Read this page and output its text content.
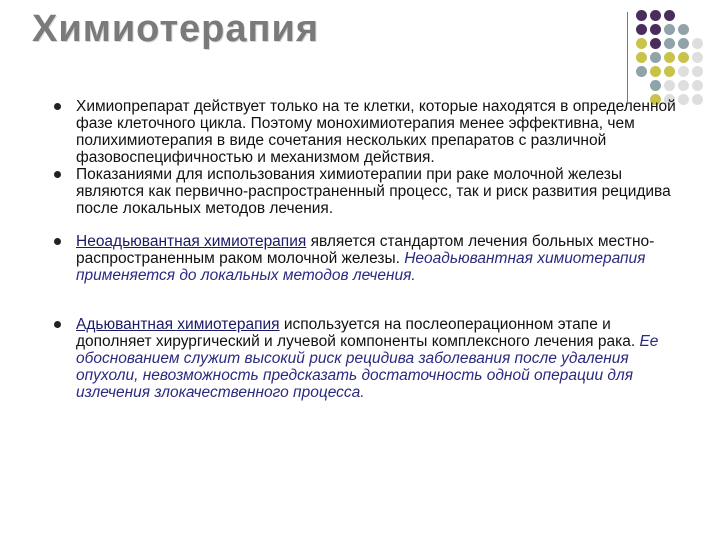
Химиотерапия
Химиопрепарат действует только на те клетки, которые находятся в определенной фазе клеточного цикла. Поэтому монохимиотерапия менее эффективна, чем полихимиотерапия в виде сочетания нескольких препаратов с различной фазовоспецифичностью и механизмом действия.
Показаниями для использования химиотерапии при раке молочной железы являются как первично-распространенный процесс, так и риск развития рецидива после локальных методов лечения.
Неоадьювантная химиотерапия является стандартом лечения больных местно-распространенным раком молочной железы. Неоадьювантная химиотерапия применяется до локальных методов лечения.
Адьювантная химиотерапия используется на послеоперационном этапе и дополняет хирургический и лучевой компоненты комплексного лечения рака. Ее обоснованием служит высокий риск рецидива заболевания после удаления опухоли, невозможность предсказать достаточность одной операции для излечения злокачественного процесса.
